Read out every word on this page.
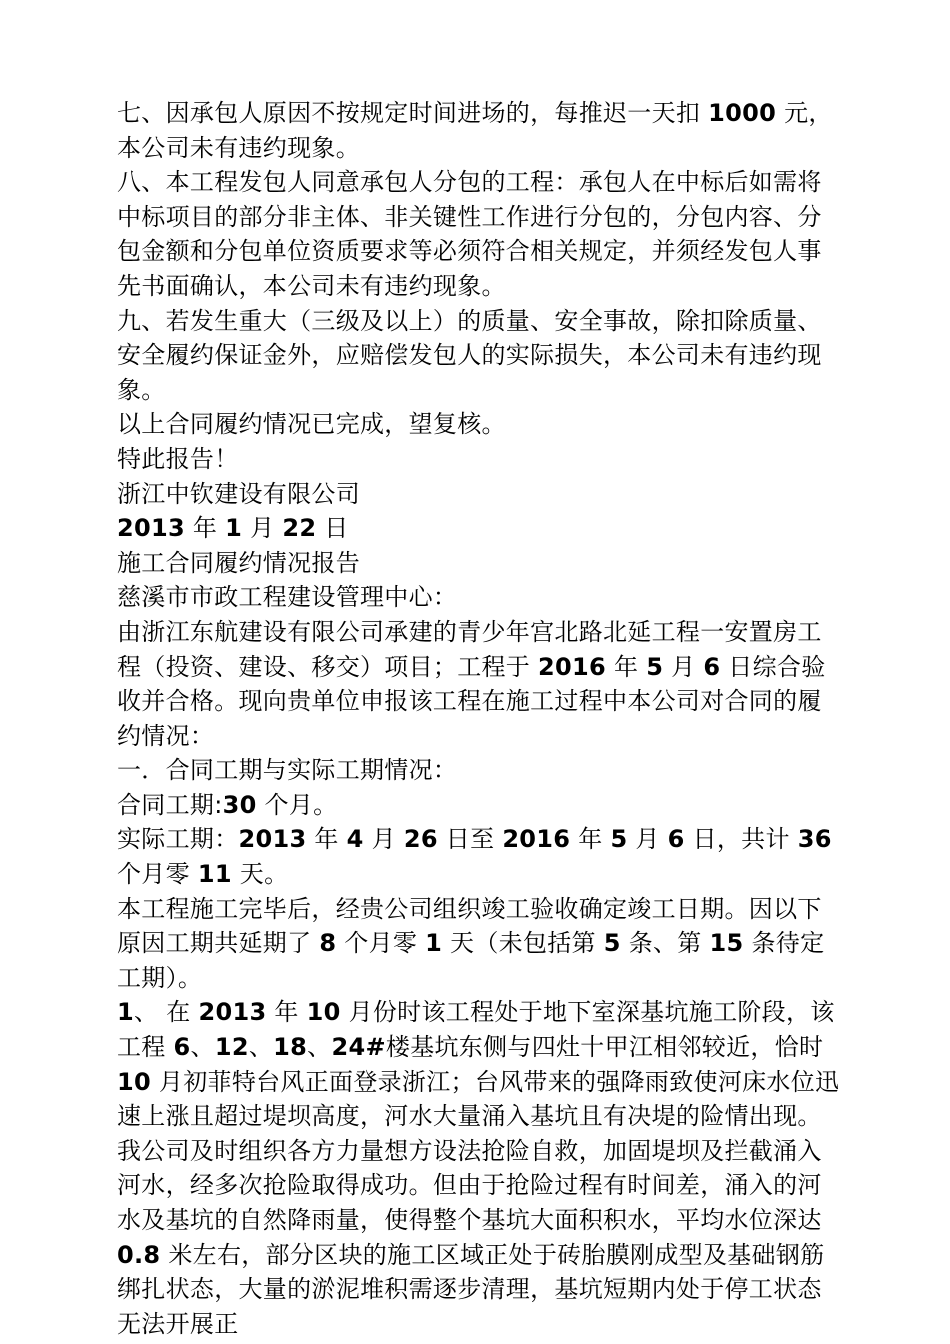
七、因承包人原因不按规定时间进场的，每推迟一天扣 1000 元，本公司未有违约现象。

八、本工程发包人同意承包人分包的工程：承包人在中标后如需将中标项目的部分非主体、非关键性工作进行分包的，分包内容、分包金额和分包单位资质要求等必须符合相关规定，并须经发包人事先书面确认，本公司未有违约现象。

九、若发生重大（三级及以上）的质量、安全事故，除扣除质量、安全履约保证金外，应赔偿发包人的实际损失，本公司未有违约现象。

以上合同履约情况已完成，望复核。

特此报告！

浙江中钦建设有限公司

2013 年 1 月 22 日

施工合同履约情况报告

慈溪市市政工程建设管理中心：

由浙江东航建设有限公司承建的青少年宫北路北延工程一安置房工程（投资、建设、移交）项目；工程于 2016 年 5 月 6 日综合验收并合格。现向贵单位申报该工程在施工过程中本公司对合同的履约情况：

一．合同工期与实际工期情况：

合同工期:30 个月。

实际工期：2013 年 4 月 26 日至 2016 年 5 月 6 日，共计 36 个月零 11 天。

本工程施工完毕后，经贵公司组织竣工验收确定竣工日期。因以下原因工期共延期了 8 个月零 1 天（未包括第 5 条、第 15 条待定工期）。

1、 在 2013 年 10 月份时该工程处于地下室深基坑施工阶段，该工程 6、12、18、24#楼基坑东侧与四灶十甲江相邻较近，恰时 10 月初菲特台风正面登录浙江；台风带来的强降雨致使河床水位迅速上涨且超过堤坝高度，河水大量涌入基坑且有决堤的险情出现。我公司及时组织各方力量想方设法抢险自救，加固堤坝及拦截涌入河水，经多次抢险取得成功。但由于抢险过程有时间差，涌入的河水及基坑的自然降雨量，使得整个基坑大面积积水，平均水位深达 0.8 米左右，部分区块的施工区域正处于砖胎膜刚成型及基础钢筋绑扎状态，大量的淤泥堆积需逐步清理，基坑短期内处于停工状态无法开展正
